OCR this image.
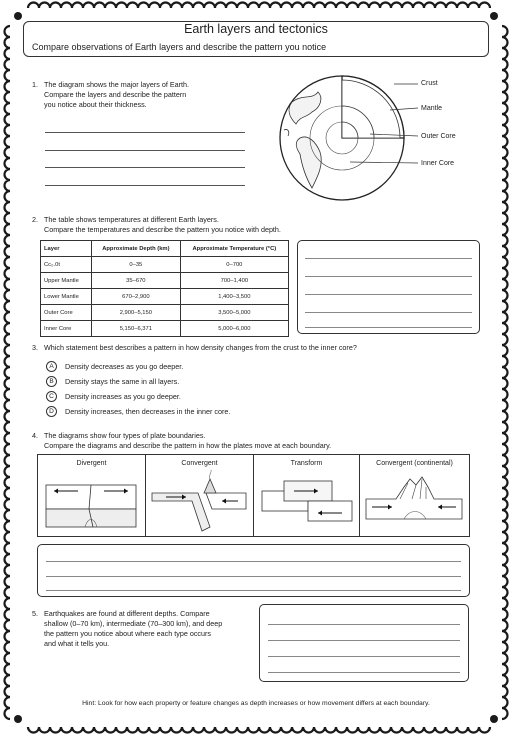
Earth layers and tectonics
Compare observations of Earth layers and describe the pattern you notice
1. The diagram shows the major layers of Earth.
Compare the layers and describe the pattern
you notice about their thickness.
Crust
Mantle
Outer Core
Inner Core
2. The table shows temperatures at different Earth layers.
Compare the temperatures and describe the pattern you notice with depth.
Layer	Approximate Depth (km)	Approximate Temperature (°C)
Cc₀.0t	0–35	0–700
Upper Mantle	35–670	700–1,400
Lower Mantle	670–2,900	1,400–3,500
Outer Core	2,900–5,150	3,500–5,000
Inner Core	5,150–6,371	5,000–6,000
3. Which statement best describes a pattern in how density changes from the crust to the inner core?
A	Density decreases as you go deeper.
B	Density stays the same in all layers.
C	Density increases as you go deeper.
D	Density increases, then decreases in the inner core.
4. The diagrams show four types of plate boundaries.
Compare the diagrams and describe the pattern in how the plates move at each boundary.
Divergent	Convergent	Transform	Convergent (continental)
5. Earthquakes are found at different depths. Compare
shallow (0–70 km), intermediate (70–300 km), and deep
the pattern you notice about where each type occurs
and what it tells you.
Hint: Look for how each property or feature changes as depth increases or how movement differs at each boundary.
